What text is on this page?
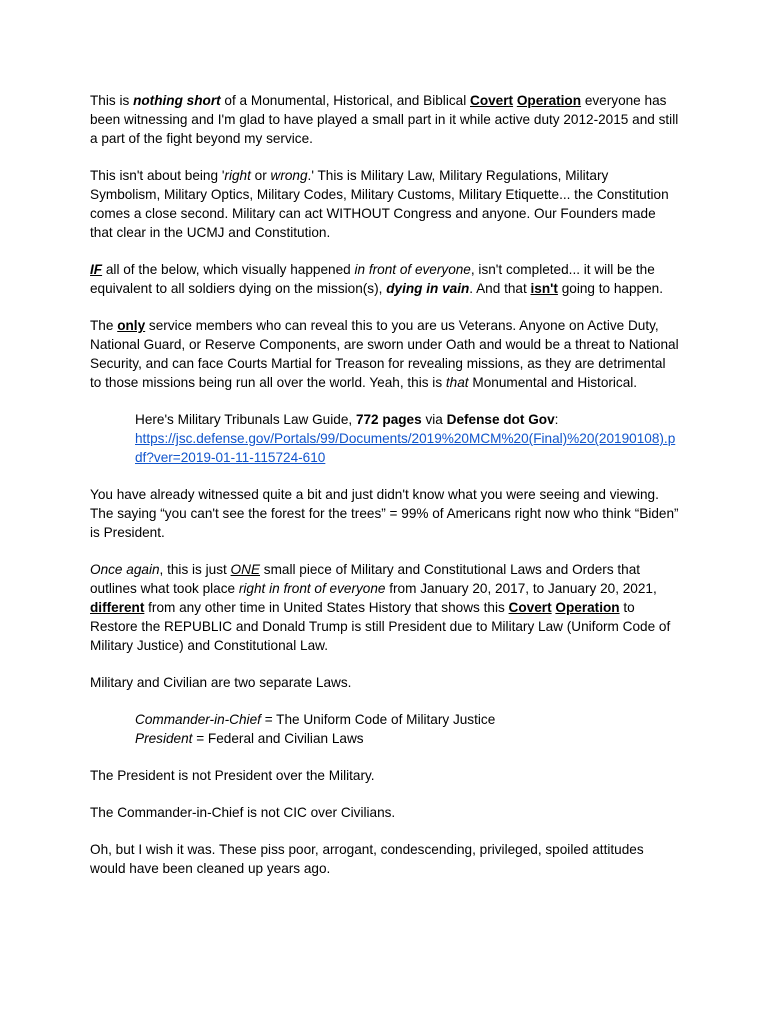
This is nothing short of a Monumental, Historical, and Biblical Covert Operation everyone has been witnessing and I'm glad to have played a small part in it while active duty 2012-2015 and still a part of the fight beyond my service.

This isn't about being 'right or wrong.' This is Military Law, Military Regulations, Military Symbolism, Military Optics, Military Codes, Military Customs, Military Etiquette... the Constitution comes a close second. Military can act WITHOUT Congress and anyone. Our Founders made that clear in the UCMJ and Constitution.

IF all of the below, which visually happened in front of everyone, isn't completed... it will be the equivalent to all soldiers dying on the mission(s), dying in vain. And that isn't going to happen.

The only service members who can reveal this to you are us Veterans. Anyone on Active Duty, National Guard, or Reserve Components, are sworn under Oath and would be a threat to National Security, and can face Courts Martial for Treason for revealing missions, as they are detrimental to those missions being run all over the world. Yeah, this is that Monumental and Historical.

Here's Military Tribunals Law Guide, 772 pages via Defense dot Gov:
https://jsc.defense.gov/Portals/99/Documents/2019%20MCM%20(Final)%20(20190108).pdf?ver=2019-01-11-115724-610

You have already witnessed quite a bit and just didn't know what you were seeing and viewing. The saying “you can't see the forest for the trees” = 99% of Americans right now who think “Biden” is President.

Once again, this is just ONE small piece of Military and Constitutional Laws and Orders that outlines what took place right in front of everyone from January 20, 2017, to January 20, 2021, different from any other time in United States History that shows this Covert Operation to Restore the REPUBLIC and Donald Trump is still President due to Military Law (Uniform Code of Military Justice) and Constitutional Law.

Military and Civilian are two separate Laws.

Commander-in-Chief = The Uniform Code of Military Justice

President = Federal and Civilian Laws

The President is not President over the Military.

The Commander-in-Chief is not CIC over Civilians.

Oh, but I wish it was. These piss poor, arrogant, condescending, privileged, spoiled attitudes would have been cleaned up years ago.
